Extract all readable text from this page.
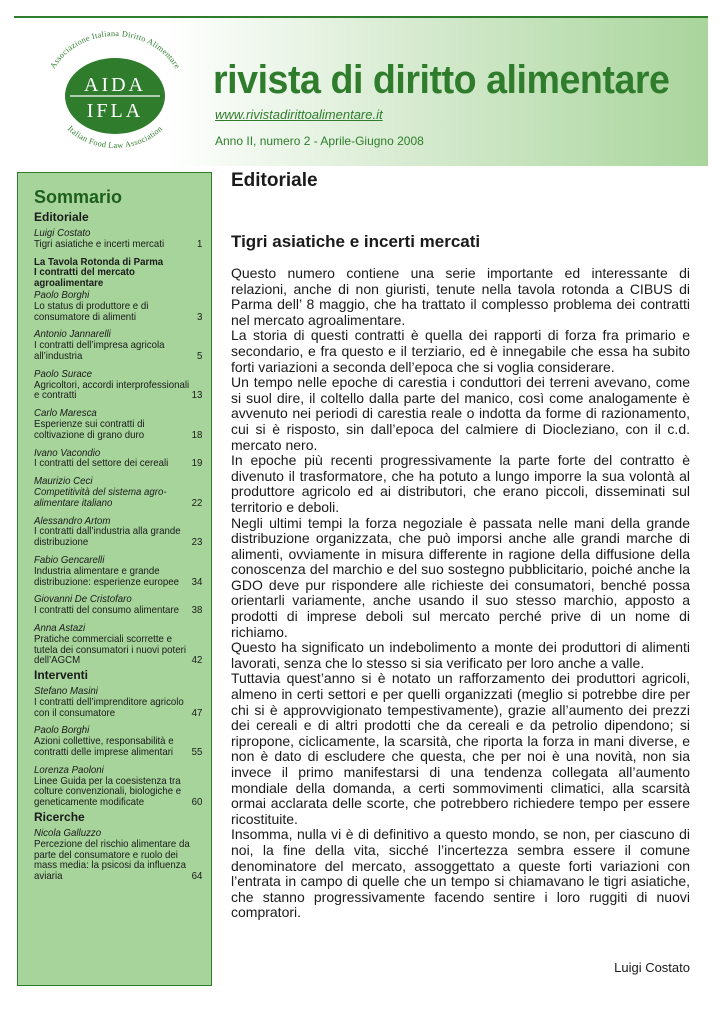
Associazione Italiana Diritto Alimentare
Italian Food Law Association
AIDA
IFLA
rivista di diritto alimentare
www.rivistadirittoalimentare.it
Anno II, numero 2 - Aprile-Giugno 2008
Sommario
Editoriale
Luigi Costato
Tigri asiatiche e incerti mercati	1
La Tavola Rotonda di Parma
I contratti del mercato agroalimentare
Paolo Borghi
Lo status di produttore e di consumatore di alimenti	3
Antonio Jannarelli
I contratti dell’impresa agricola all’industria	5
Paolo Surace
Agricoltori, accordi interprofessionali e contratti	13
Carlo Maresca
Esperienze sui contratti di coltivazione di grano duro	18
Ivano Vacondio
I contratti del settore dei cereali	19
Maurizio Ceci
Competitività del sistema agro-alimentare italiano	22
Alessandro Artom
I contratti dall’industria alla grande distribuzione	23
Fabio Gencarelli
Industria alimentare e grande distribuzione: esperienze europee	34
Giovanni De Cristofaro
I contratti del consumo alimentare	38
Anna Astazi
Pratiche commerciali scorrette e tutela dei consumatori i nuovi poteri dell’AGCM	42
Interventi
Stefano Masini
I contratti dell’imprenditore agricolo con il consumatore	47
Paolo Borghi
Azioni collettive, responsabilità e contratti delle imprese alimentari	55
Lorenza Paoloni
Linee Guida per la coesistenza tra colture convenzionali, biologiche e geneticamente modificate	60
Ricerche
Nicola Galluzzo
Percezione del rischio alimentare da parte del consumatore e ruolo dei mass media: la psicosi da influenza aviaria	64
Editoriale
Tigri asiatiche e incerti mercati

Questo numero contiene una serie importante ed interessante di relazioni, anche di non giuristi, tenute nella tavola rotonda a CIBUS di Parma dell’ 8 maggio, che ha trattato il complesso problema dei contratti nel mercato agroalimentare.

La storia di questi contratti è quella dei rapporti di forza fra primario e secondario, e fra questo e il terziario, ed è innegabile che essa ha subito forti variazioni a seconda dell’epoca che si voglia considerare.

Un tempo nelle epoche di carestia i conduttori dei terreni avevano, come si suol dire, il coltello dalla parte del manico, così come analogamente è avvenuto nei periodi di carestia reale o indotta da forme di razionamento, cui si è risposto, sin dall’epoca del calmiere di Diocleziano, con il c.d. mercato nero.

In epoche più recenti progressivamente la parte forte del contratto è divenuto il trasformatore, che ha potuto a lungo imporre la sua volontà al produttore agricolo ed ai distributori, che erano piccoli, disseminati sul territorio e deboli.

Negli ultimi tempi la forza negoziale è passata nelle mani della grande distribuzione organizzata, che può imporsi anche alle grandi marche di alimenti, ovviamente in misura differente in ragione della diffusione della conoscenza del marchio e del suo sostegno pubblicitario, poiché anche la GDO deve pur rispondere alle richieste dei consumatori, benché possa orientarli variamente, anche usando il suo stesso marchio, apposto a prodotti di imprese deboli sul mercato perché prive di un nome di richiamo.

Questo ha significato un indebolimento a monte dei produttori di alimenti lavorati, senza che lo stesso si sia verificato per loro anche a valle.

Tuttavia quest’anno si è notato un rafforzamento dei produttori agricoli, almeno in certi settori e per quelli organizzati (meglio si potrebbe dire per chi si è approvvigionato tempestivamente), grazie all’aumento dei prezzi dei cereali e di altri prodotti che da cereali e da petrolio dipendono; si ripropone, ciclicamente, la scarsità, che riporta la forza in mani diverse, e non è dato di escludere che questa, che per noi è una novità, non sia invece il primo manifestarsi di una tendenza collegata all’aumento mondiale della domanda, a certi sommovimenti climatici, alla scarsità ormai acclarata delle scorte, che potrebbero richiedere tempo per essere ricostituite.

Insomma, nulla vi è di definitivo a questo mondo, se non, per ciascuno di noi, la fine della vita, sicché l’incertezza sembra essere il comune denominatore del mercato, assoggettato a queste forti variazioni con l’entrata in campo di quelle che un tempo si chiamavano le tigri asiatiche, che stanno progressivamente facendo sentire i loro ruggiti di nuovi compratori.

Luigi Costato
